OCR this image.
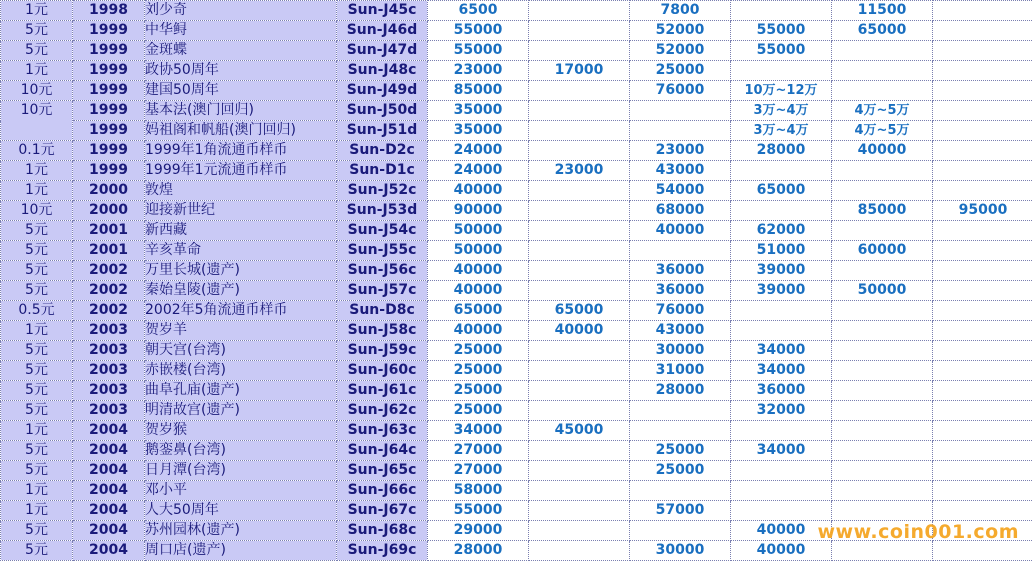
1元	1998	刘少奇	Sun-J45c	6500		7800		11500	
5元	1999	中华鲟	Sun-J46d	55000		52000	55000	65000	
5元	1999	金斑蝶	Sun-J47d	55000		52000	55000		
1元	1999	政协50周年	Sun-J48c	23000	17000	25000			
10元	1999	建国50周年	Sun-J49d	85000		76000	10万~12万		
10元	1999	基本法(澳门回归)	Sun-J50d	35000			3万~4万	4万~5万	
	1999	妈祖阁和帆船(澳门回归)	Sun-J51d	35000			3万~4万	4万~5万	
0.1元	1999	1999年1角流通币样币	Sun-D2c	24000		23000	28000	40000	
1元	1999	1999年1元流通币样币	Sun-D1c	24000	23000	43000			
1元	2000	敦煌	Sun-J52c	40000		54000	65000		
10元	2000	迎接新世纪	Sun-J53d	90000		68000		85000	95000
5元	2001	新西藏	Sun-J54c	50000		40000	62000		
5元	2001	辛亥革命	Sun-J55c	50000			51000	60000	
5元	2002	万里长城(遗产)	Sun-J56c	40000		36000	39000		
5元	2002	秦始皇陵(遗产)	Sun-J57c	40000		36000	39000	50000	
0.5元	2002	2002年5角流通币样币	Sun-D8c	65000	65000	76000			
1元	2003	贺岁羊	Sun-J58c	40000	40000	43000			
5元	2003	朝天宫(台湾)	Sun-J59c	25000		30000	34000		
5元	2003	赤嵌楼(台湾)	Sun-J60c	25000		31000	34000		
5元	2003	曲阜孔庙(遗产)	Sun-J61c	25000		28000	36000		
5元	2003	明清故宫(遗产)	Sun-J62c	25000			32000		
1元	2004	贺岁猴	Sun-J63c	34000	45000				
5元	2004	鹅銮鼻(台湾)	Sun-J64c	27000		25000	34000		
5元	2004	日月潭(台湾)	Sun-J65c	27000		25000			
1元	2004	邓小平	Sun-J66c	58000					
1元	2004	人大50周年	Sun-J67c	55000		57000			
5元	2004	苏州园林(遗产)	Sun-J68c	29000			40000		
5元	2004	周口店(遗产)	Sun-J69c	28000		30000	40000		
www.coin001.com
